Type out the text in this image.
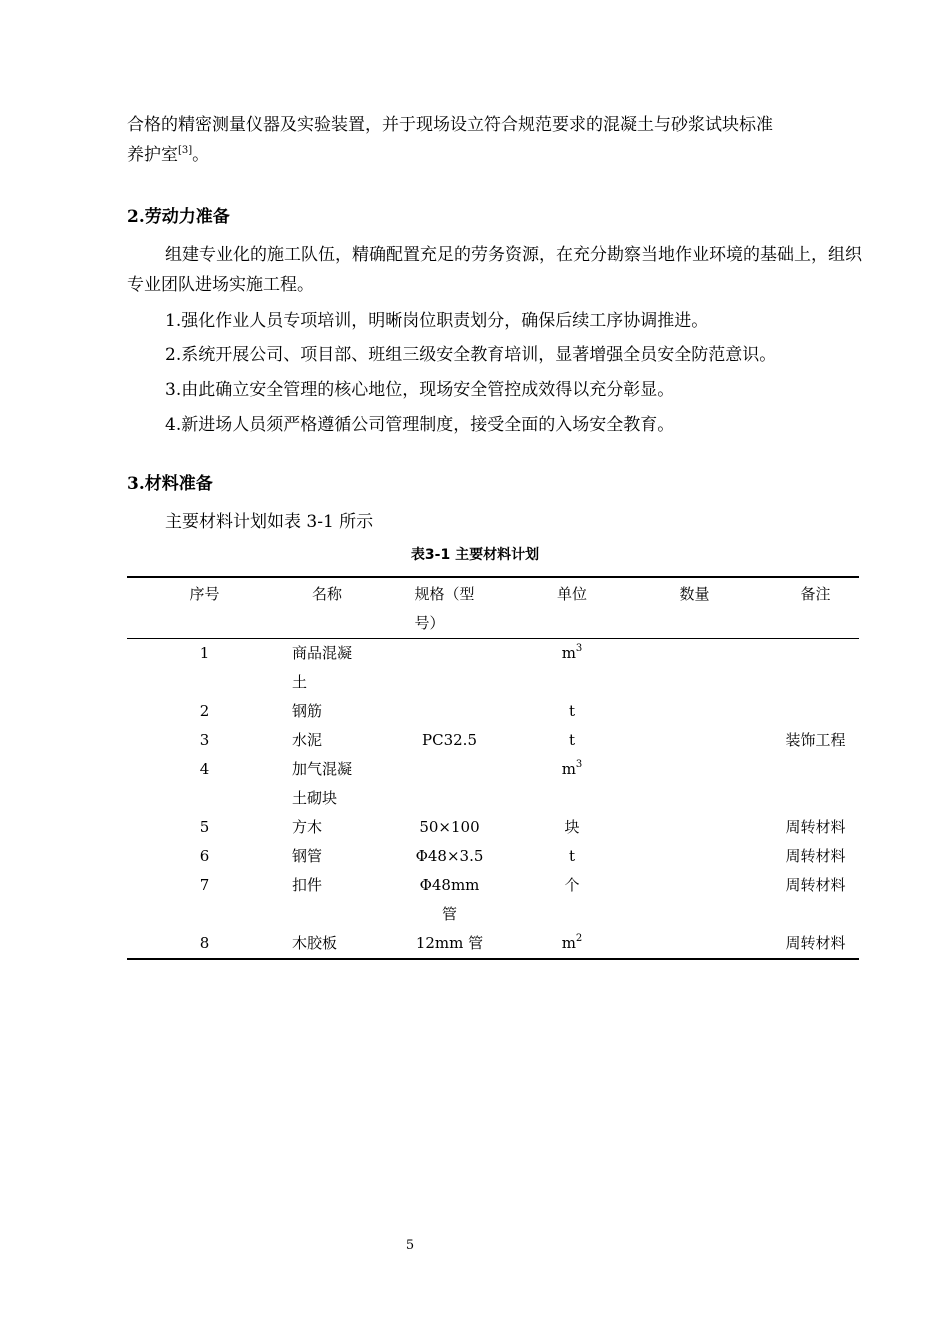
合格的精密测量仪器及实验装置，并于现场设立符合规范要求的混凝土与砂浆试块标准
养护室[3]。

2.劳动力准备

组建专业化的施工队伍，精确配置充足的劳务资源，在充分勘察当地作业环境的基础上，组织专业团队进场实施工程。

1.强化作业人员专项培训，明晰岗位职责划分，确保后续工序协调推进。

2.系统开展公司、项目部、班组三级安全教育培训，显著增强全员安全防范意识。

3.由此确立安全管理的核心地位，现场安全管控成效得以充分彰显。

4.新进场人员须严格遵循公司管理制度，接受全面的入场安全教育。

3.材料准备

主要材料计划如表 3-1 所示

表3-1 主要材料计划
序号	名称	规格（型号）	单位	数量	备注
1	商品混凝土		$m^3$		
2	钢筋		t		
3	水泥	PC32.5	t		装饰工程
4	加气混凝土砌块		$m^3$		
5	方木	50×100	块		周转材料
6	钢管	Φ48×3.5	t		周转材料
7	扣件	Φ48mm管	个		周转材料
8	木胶板	12mm 管	$m^2$		周转材料
5
